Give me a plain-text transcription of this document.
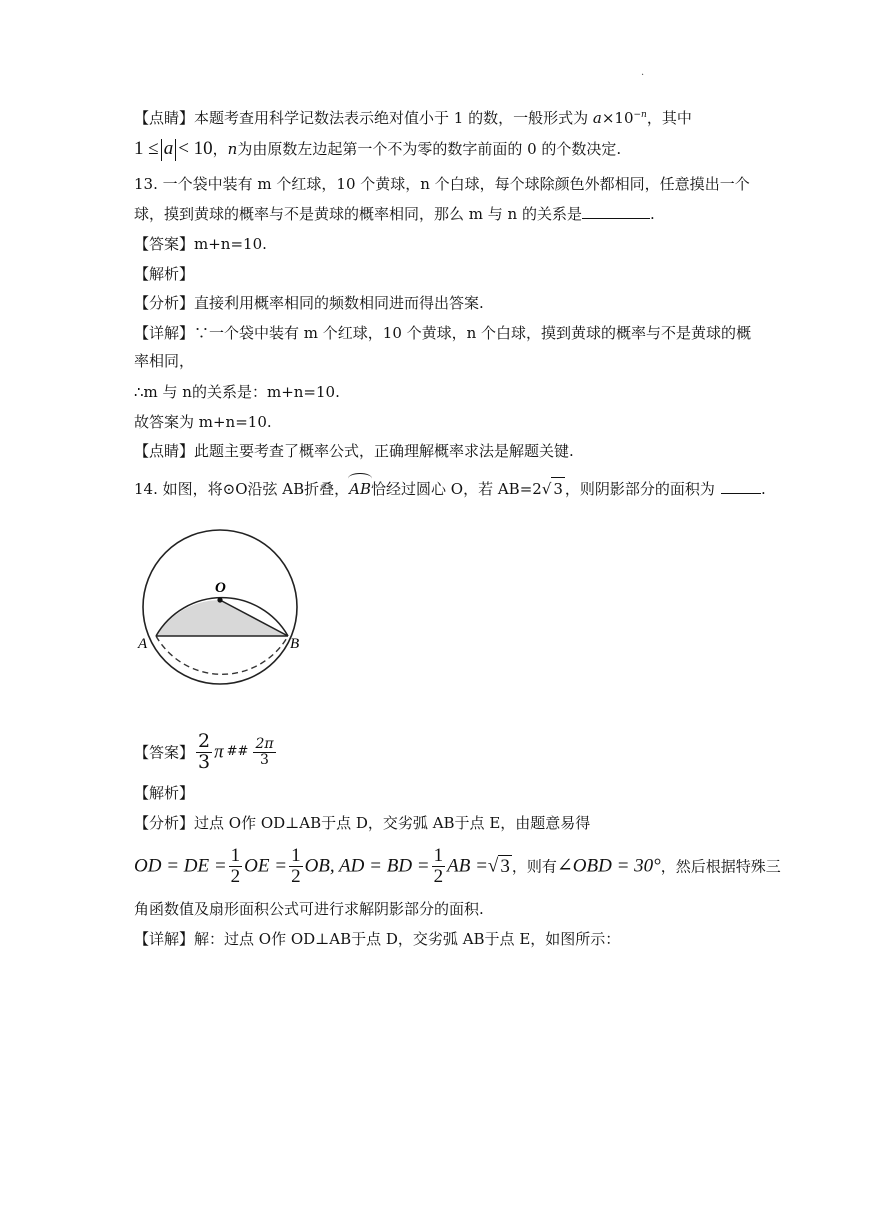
·
【点睛】本题考查用科学记数法表示绝对值小于 1 的数，一般形式为 $a\times 10^{-n}$，其中
1 ≤ a < 10，n为由原数左边起第一个不为零的数字前面的 0 的个数决定.
13. 一个袋中装有 m 个红球，10 个黄球，n 个白球，每个球除颜色外都相同，任意摸出一个
球，摸到黄球的概率与不是黄球的概率相同，那么 m 与 n 的关系是	.
【答案】m+n=10.
【解析】
【分析】直接利用概率相同的频数相同进而得出答案.
【详解】∵一个袋中装有 m 个红球，10 个黄球，n 个白球，摸到黄球的概率与不是黄球的概
率相同，
∴m 与 n的关系是：m+n=10.
故答案为 m+n=10.
【点睛】此题主要考查了概率公式，正确理解概率求法是解题关键.
14. 如图，将⊙O沿弦 AB折叠，AB恰经过圆心 O，若 AB=2√ 3 ，则阴影部分的面积为	.
O
A	B
【答案】 $\frac{2}{3}$ π ## $\frac{2\pi}{3}$
【解析】
【分析】过点 O作 OD⊥AB于点 D，交劣弧 AB于点 E，由题意易得
OD = DE = $\frac{1}{2}$ OE = $\frac{1}{2}$ OB, AD = BD = $\frac{1}{2}$ AB =√ 3 ，则有∠OBD = 30°，然后根据特殊三
角函数值及扇形面积公式可进行求解阴影部分的面积.
【详解】解：过点 O作 OD⊥AB于点 D，交劣弧 AB于点 E，如图所示：
